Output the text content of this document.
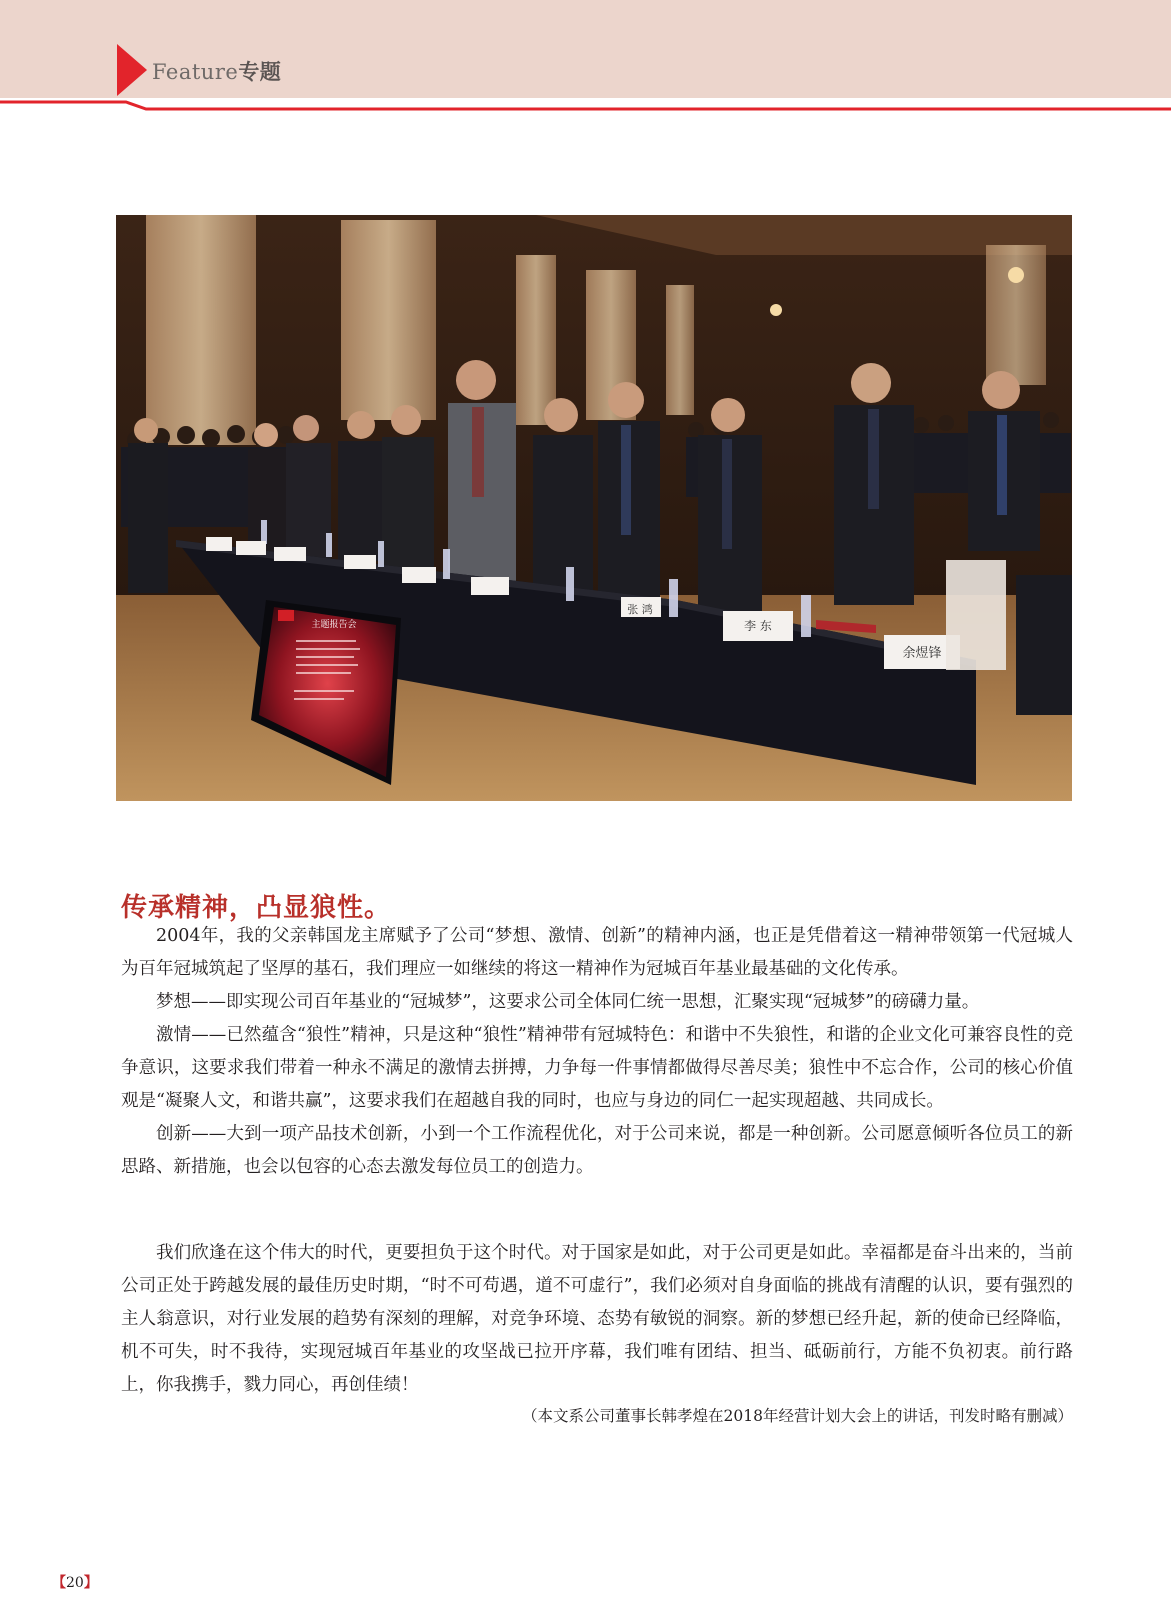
Feature专题
张 鸿
李 东
余煜锋
主题报告会
传承精神，凸显狼性。

2004年，我的父亲韩国龙主席赋予了公司“梦想、激情、创新”的精神内涵，也正是凭借着这一精神带领第一代冠城人为百年冠城筑起了坚厚的基石，我们理应一如继续的将这一精神作为冠城百年基业最基础的文化传承。

梦想——即实现公司百年基业的“冠城梦”，这要求公司全体同仁统一思想，汇聚实现“冠城梦”的磅礴力量。

激情——已然蕴含“狼性”精神，只是这种“狼性”精神带有冠城特色：和谐中不失狼性，和谐的企业文化可兼容良性的竞争意识，这要求我们带着一种永不满足的激情去拼搏，力争每一件事情都做得尽善尽美；狼性中不忘合作，公司的核心价值观是“凝聚人文，和谐共赢”，这要求我们在超越自我的同时，也应与身边的同仁一起实现超越、共同成长。

创新——大到一项产品技术创新，小到一个工作流程优化，对于公司来说，都是一种创新。公司愿意倾听各位员工的新思路、新措施，也会以包容的心态去激发每位员工的创造力。

我们欣逢在这个伟大的时代，更要担负于这个时代。对于国家是如此，对于公司更是如此。幸福都是奋斗出来的，当前公司正处于跨越发展的最佳历史时期，“时不可苟遇，道不可虚行”，我们必须对自身面临的挑战有清醒的认识，要有强烈的主人翁意识，对行业发展的趋势有深刻的理解，对竞争环境、态势有敏锐的洞察。新的梦想已经升起，新的使命已经降临，机不可失，时不我待，实现冠城百年基业的攻坚战已拉开序幕，我们唯有团结、担当、砥砺前行，方能不负初衷。前行路上，你我携手，戮力同心，再创佳绩！

（本文系公司董事长韩孝煌在2018年经营计划大会上的讲话，刊发时略有删减）
【20】
